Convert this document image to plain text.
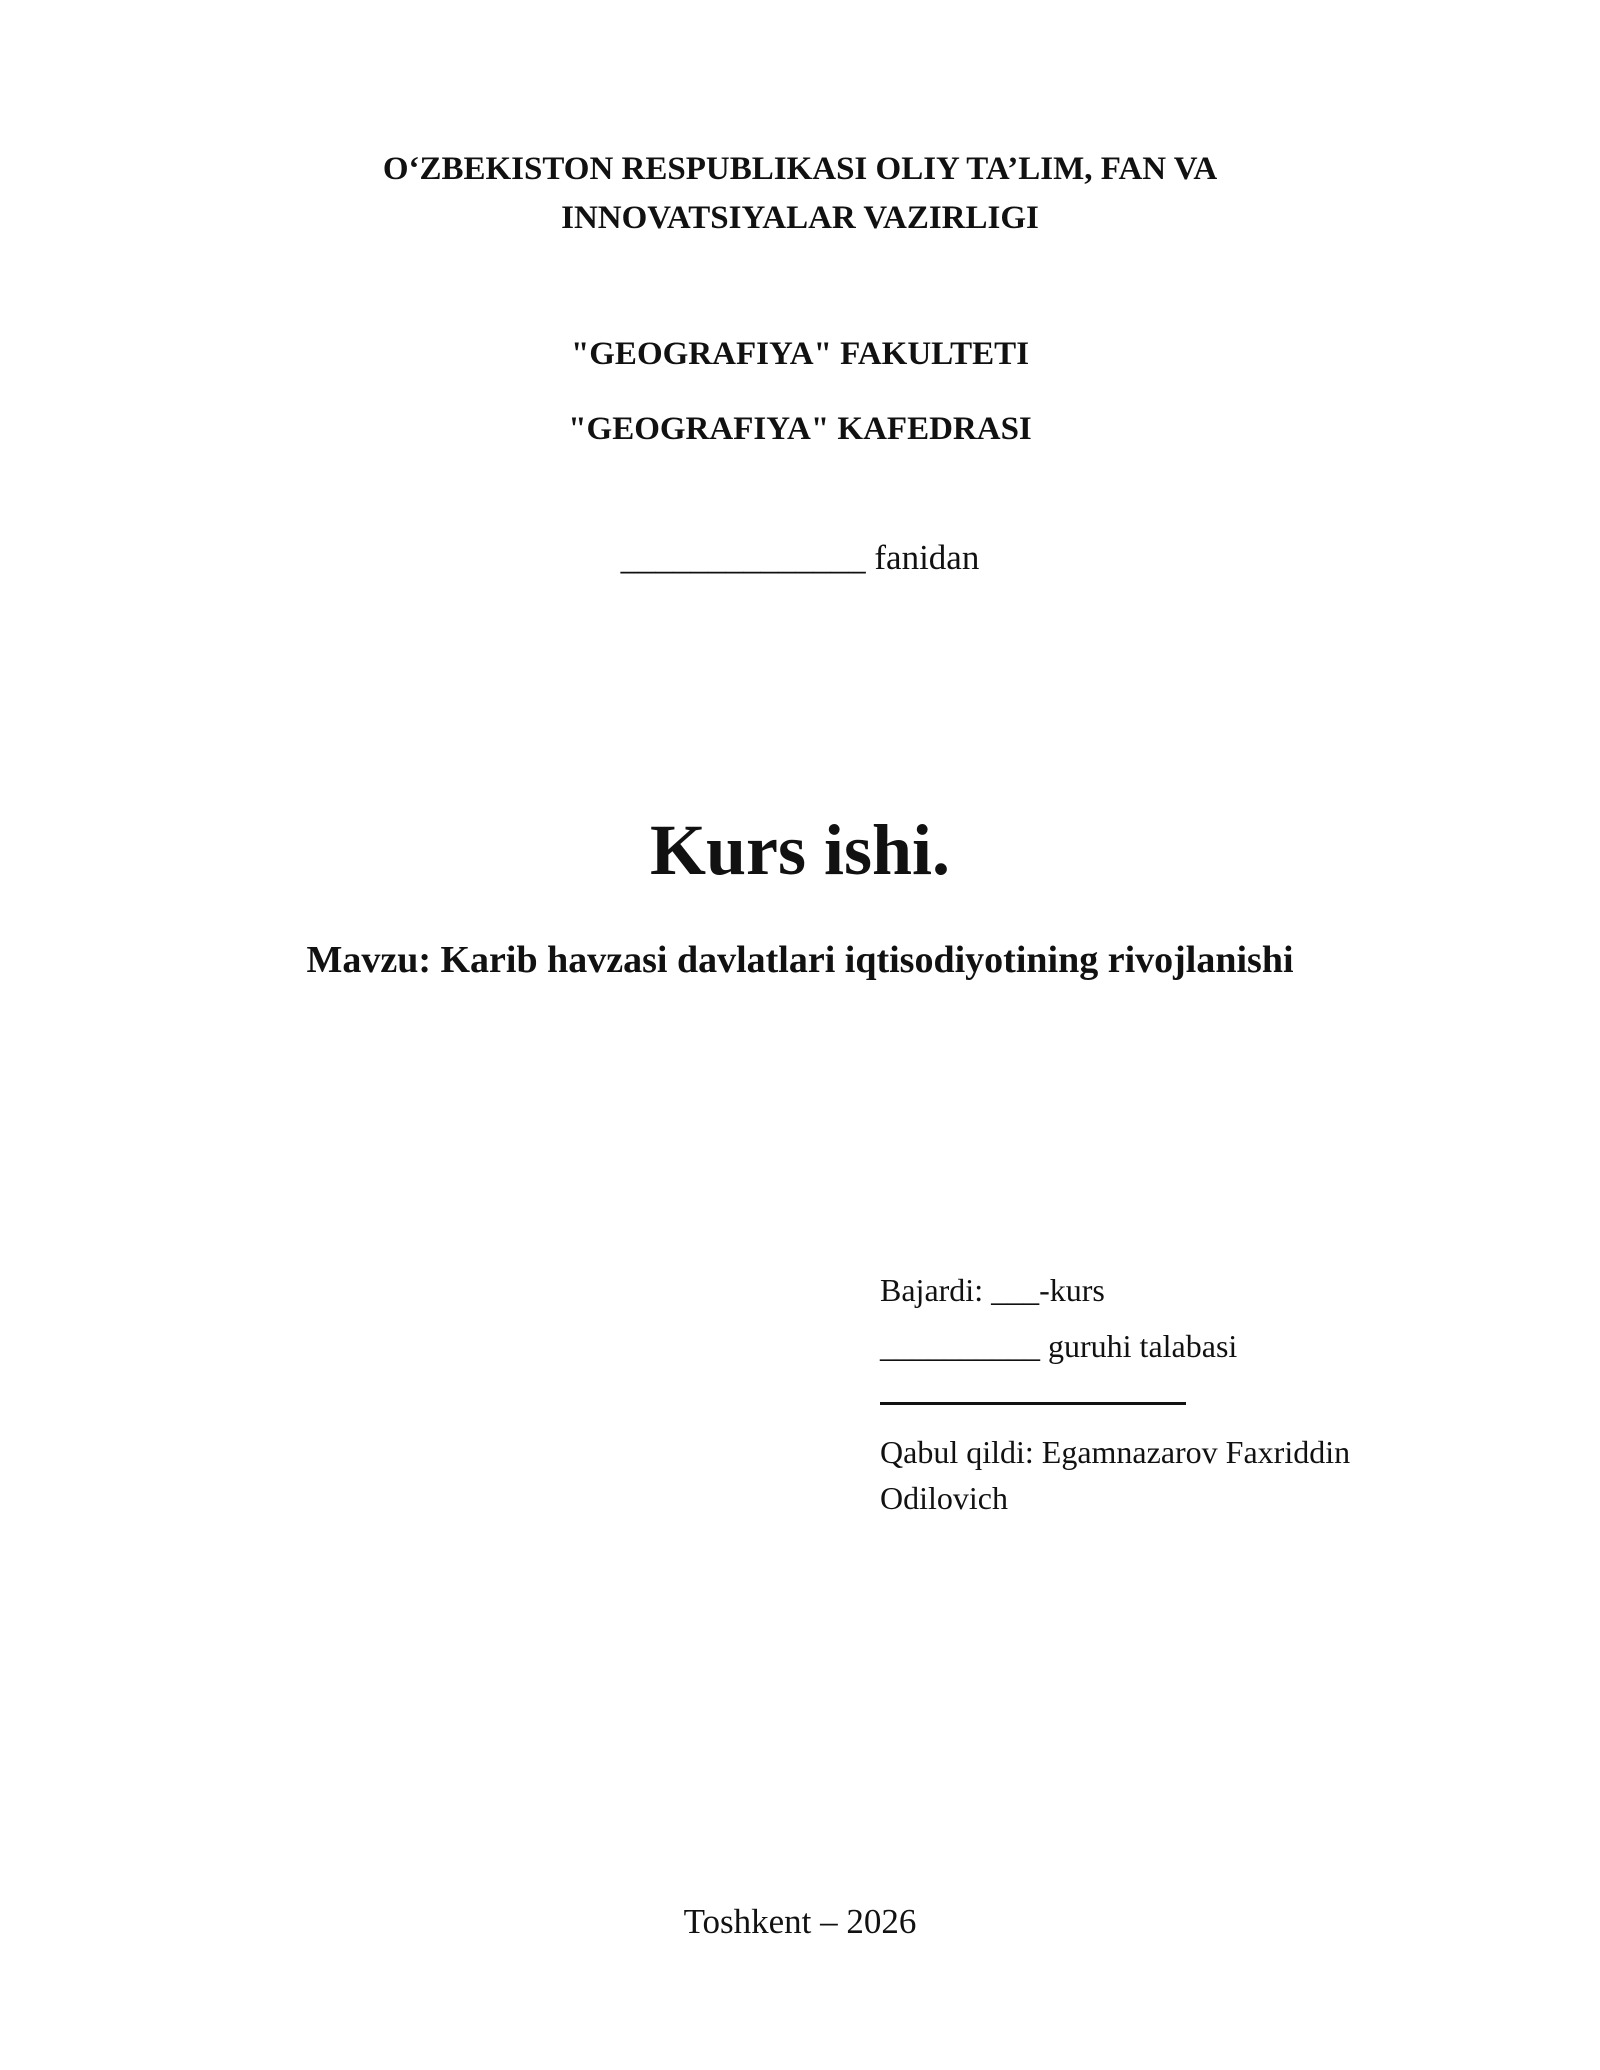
O‘ZBEKISTON RESPUBLIKASI OLIY TA’LIM, FAN VA
INNOVATSIYALAR VAZIRLIGI
"GEOGRAFIYA" FAKULTETI
"GEOGRAFIYA" KAFEDRASI
______________ fanidan
Kurs ishi.
Mavzu: Karib havzasi davlatlari iqtisodiyotining rivojlanishi
Bajardi: ___-kurs
__________ guruhi talabasi
Qabul qildi: Egamnazarov Faxriddin Odilovich
Toshkent – 2026
